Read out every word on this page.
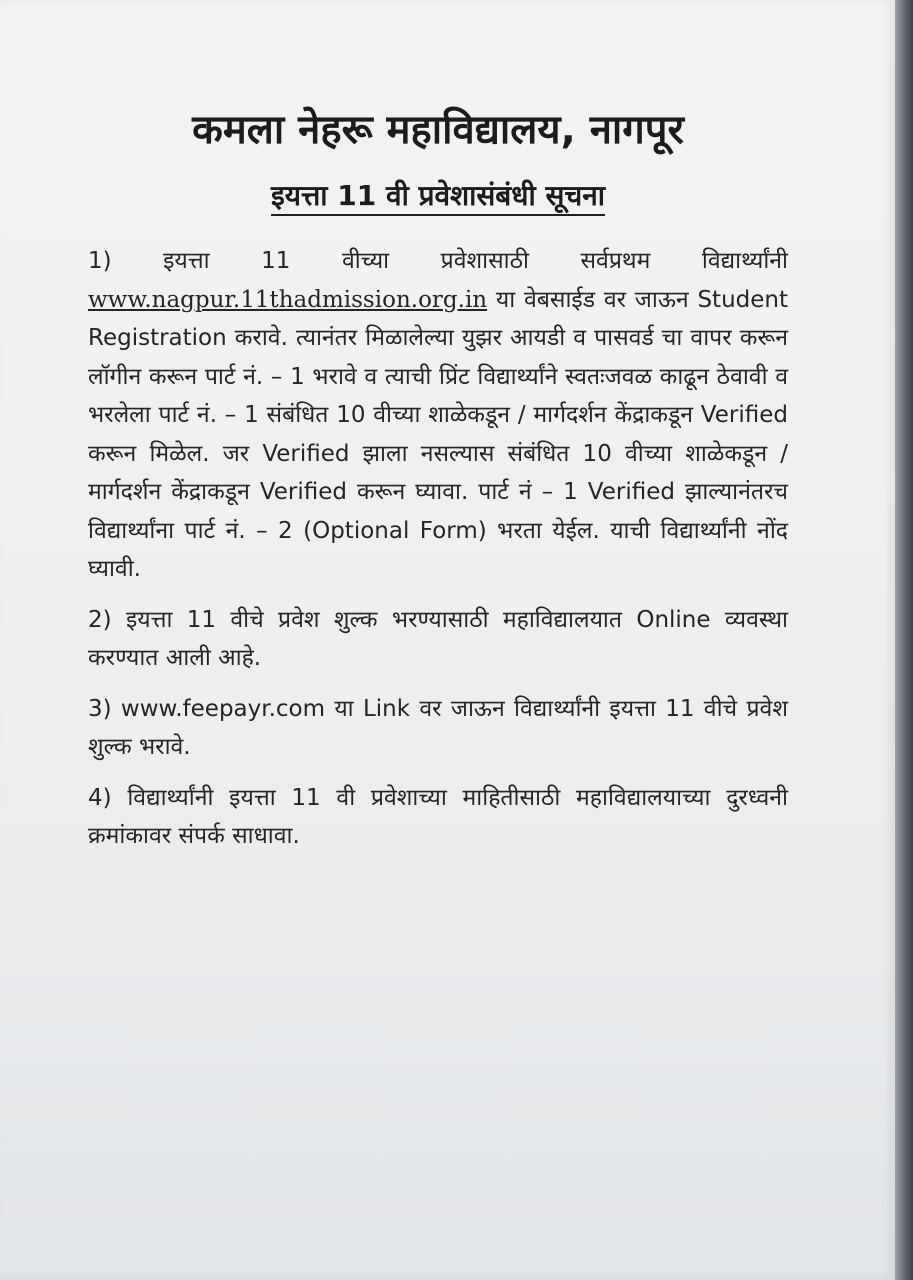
कमला नेहरू महाविद्यालय, नागपूर
इयत्ता 11 वी प्रवेशासंबंधी सूचना

1) इयत्ता 11 वीच्या प्रवेशासाठी सर्वप्रथम विद्यार्थ्यांनी www.nagpur.11thadmission.org.in या वेबसाईड वर जाऊन Student Registration करावे. त्यानंतर मिळालेल्या युझर आयडी व पासवर्ड चा वापर करून लॉगीन करून पार्ट नं. – 1 भरावे व त्याची प्रिंट विद्यार्थ्यांने स्वतःजवळ काढून ठेवावी व भरलेला पार्ट नं. – 1 संबंधित 10 वीच्या शाळेकडून / मार्गदर्शन केंद्राकडून Verified करून मिळेल. जर Verified झाला नसल्यास संबंधित 10 वीच्या शाळेकडून / मार्गदर्शन केंद्राकडून Verified करून घ्यावा. पार्ट नं – 1 Verified झाल्यानंतरच विद्यार्थ्यांना पार्ट नं. – 2 (Optional Form) भरता येईल. याची विद्यार्थ्यांनी नोंद घ्यावी.

2) इयत्ता 11 वीचे प्रवेश शुल्क भरण्यासाठी महाविद्यालयात Online व्यवस्था करण्यात आली आहे.

3) www.feepayr.com या Link वर जाऊन विद्यार्थ्यांनी इयत्ता 11 वीचे प्रवेश शुल्क भरावे.

4) विद्यार्थ्यांनी इयत्ता 11 वी प्रवेशाच्या माहितीसाठी महाविद्यालयाच्या दुरध्वनी क्रमांकावर संपर्क साधावा.
